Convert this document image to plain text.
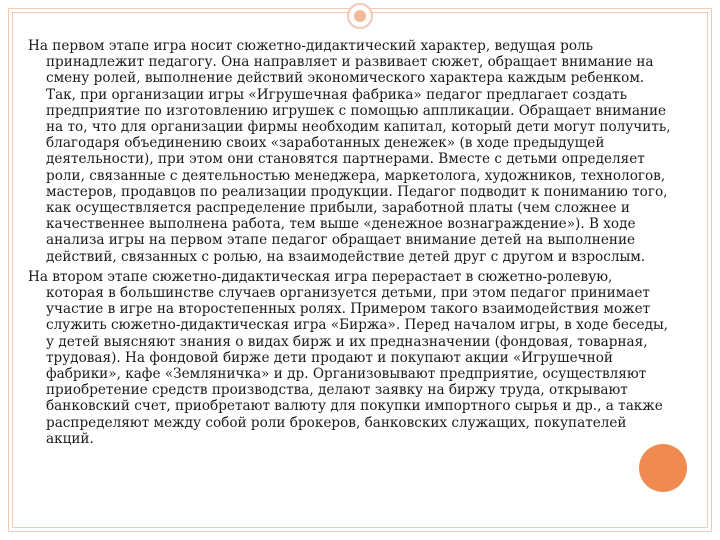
На первом этапе игра носит сюжетно-дидактический характер, ведущая роль принадлежит педагогу. Она направляет и развивает сюжет, обращает внимание на смену ролей, выполнение действий экономического характера каждым ребенком. Так, при организации игры «Игрушечная фабрика» педагог предлагает создать предприятие по изготовлению игрушек с помощью аппликации. Обращает внимание на то, что для организации фирмы необходим капитал, который дети могут получить, благодаря объединению своих «заработанных денежек» (в ходе предыдущей деятельности), при этом они становятся партнерами. Вместе с детьми определяет роли, связанные с деятельностью менеджера, маркетолога, художников, технологов, мастеров, продавцов по реализации продукции. Педагог подводит к пониманию того, как осуществляется распределение прибыли, заработной платы (чем сложнее и качественнее выполнена работа, тем выше «денежное вознаграждение»). В ходе анализа игры на первом этапе педагог обращает внимание детей на выполнение действий, связанных с ролью, на взаимодействие детей друг с другом и взрослым.

На втором этапе сюжетно-дидактическая игра перерастает в сюжетно-ролевую, которая в большинстве случаев организуется детьми, при этом педагог принимает участие в игре на второстепенных ролях. Примером такого взаимодействия может служить сюжетно-дидактическая игра «Биржа». Перед началом игры, в ходе беседы, у детей выясняют знания о видах бирж и их предназначении (фондовая, товарная, трудовая). На фондовой бирже дети продают и покупают акции «Игрушечной фабрики», кафе «Земляничка» и др. Организовывают предприятие, осуществляют приобретение средств производства, делают заявку на биржу труда, открывают банковский счет, приобретают валюту для покупки импортного сырья и др., а также распределяют между собой роли брокеров, банковских служащих, покупателей акций.
